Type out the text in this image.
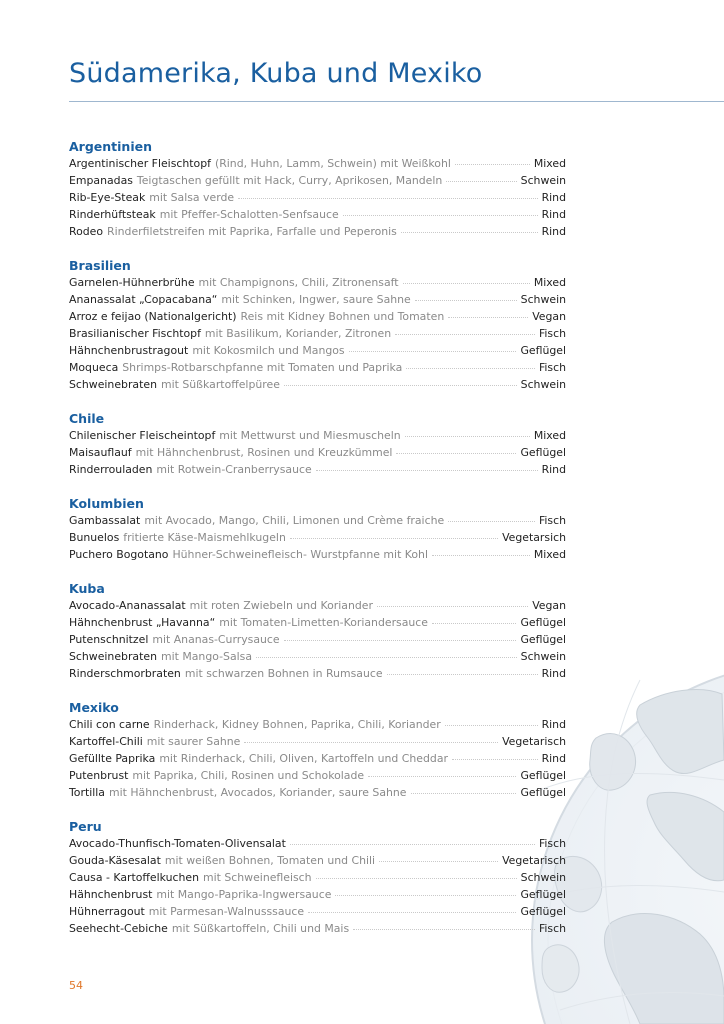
Südamerika, Kuba und Mexiko
Argentinien
Argentinischer Fleischtopf (Rind, Huhn, Lamm, Schwein) mit Weißkohl	Mixed
Empanadas Teigtaschen gefüllt mit Hack, Curry, Aprikosen, Mandeln	Schwein
Rib-Eye-Steak mit Salsa verde	Rind
Rinderhüftsteak mit Pfeffer-Schalotten-Senfsauce	Rind
Rodeo Rinderfiletstreifen mit Paprika, Farfalle und Peperonis	Rind
Brasilien
Garnelen-Hühnerbrühe mit Champignons, Chili, Zitronensaft	Mixed
Ananassalat „Copacabana“ mit Schinken, Ingwer, saure Sahne	Schwein
Arroz e feijao (Nationalgericht) Reis mit Kidney Bohnen und Tomaten	Vegan
Brasilianischer Fischtopf mit Basilikum, Koriander, Zitronen	Fisch
Hähnchenbrustragout mit Kokosmilch und Mangos	Geflügel
Moqueca Shrimps-Rotbarschpfanne mit Tomaten und Paprika	Fisch
Schweinebraten mit Süßkartoffelpüree	Schwein
Chile
Chilenischer Fleischeintopf mit Mettwurst und Miesmuscheln	Mixed
Maisauflauf mit Hähnchenbrust, Rosinen und Kreuzkümmel	Geflügel
Rinderrouladen mit Rotwein-Cranberrysauce	Rind
Kolumbien
Gambassalat mit Avocado, Mango, Chili, Limonen und Crème fraiche	Fisch
Bunuelos fritierte Käse-Maismehlkugeln	Vegetarsich
Puchero Bogotano Hühner-Schweinefleisch- Wurstpfanne mit Kohl	Mixed
Kuba
Avocado-Ananassalat mit roten Zwiebeln und Koriander	Vegan
Hähnchenbrust „Havanna“ mit Tomaten-Limetten-Koriandersauce	Geflügel
Putenschnitzel mit Ananas-Currysauce	Geflügel
Schweinebraten mit Mango-Salsa	Schwein
Rinderschmorbraten mit schwarzen Bohnen in Rumsauce	Rind
Mexiko
Chili con carne Rinderhack, Kidney Bohnen, Paprika, Chili, Koriander	Rind
Kartoffel-Chili mit saurer Sahne	Vegetarisch
Gefüllte Paprika mit Rinderhack, Chili, Oliven, Kartoffeln und Cheddar	Rind
Putenbrust mit Paprika, Chili, Rosinen und Schokolade	Geflügel
Tortilla mit Hähnchenbrust, Avocados, Koriander, saure Sahne	Geflügel
Peru
Avocado-Thunfisch-Tomaten-Olivensalat	Fisch
Gouda-Käsesalat mit weißen Bohnen, Tomaten und Chili	Vegetarisch
Causa - Kartoffelkuchen mit Schweinefleisch	Schwein
Hähnchenbrust mit Mango-Paprika-Ingwersauce	Geflügel
Hühnerragout mit Parmesan-Walnusssauce	Geflügel
Seehecht-Cebiche mit Süßkartoffeln, Chili und Mais	Fisch
54
